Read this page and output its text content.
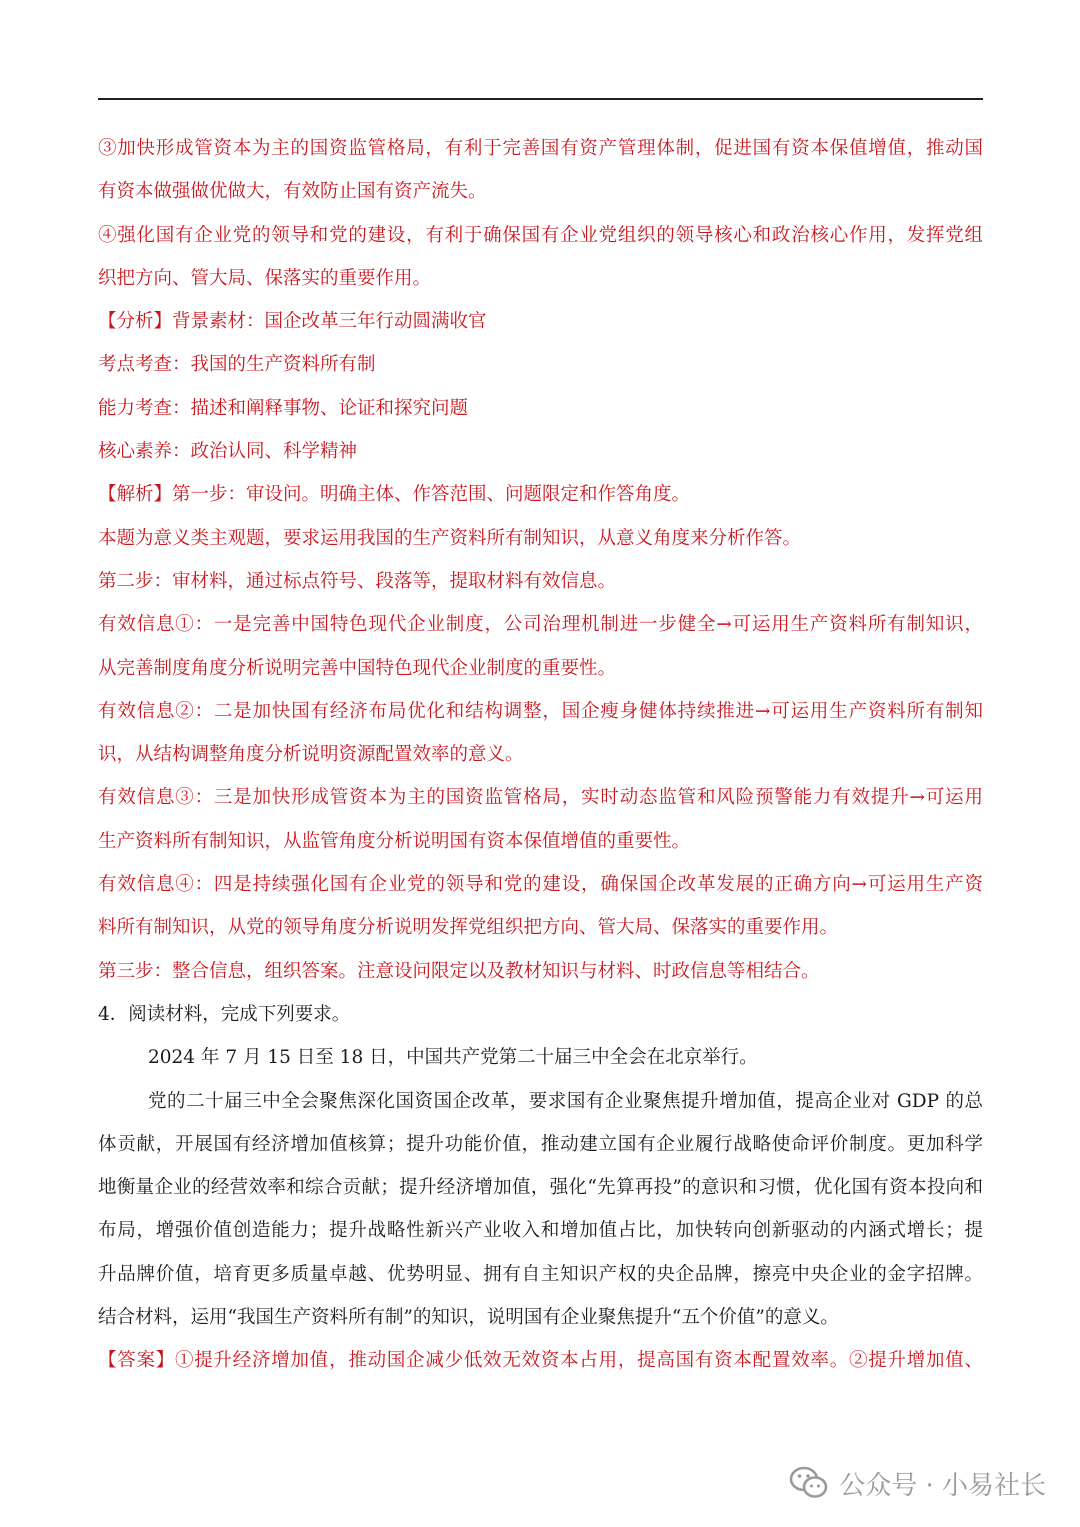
③加快形成管资本为主的国资监管格局，有利于完善国有资产管理体制，促进国有资本保值增值，推动国
有资本做强做优做大，有效防止国有资产流失。
④强化国有企业党的领导和党的建设，有利于确保国有企业党组织的领导核心和政治核心作用，发挥党组
织把方向、管大局、保落实的重要作用。
【分析】背景素材：国企改革三年行动圆满收官
考点考查：我国的生产资料所有制
能力考查：描述和阐释事物、论证和探究问题
核心素养：政治认同、科学精神
【解析】第一步：审设问。明确主体、作答范围、问题限定和作答角度。
本题为意义类主观题，要求运用我国的生产资料所有制知识，从意义角度来分析作答。
第二步：审材料，通过标点符号、段落等，提取材料有效信息。
有效信息①：一是完善中国特色现代企业制度，公司治理机制进一步健全→可运用生产资料所有制知识，
从完善制度角度分析说明完善中国特色现代企业制度的重要性。
有效信息②：二是加快国有经济布局优化和结构调整，国企瘦身健体持续推进→可运用生产资料所有制知
识，从结构调整角度分析说明资源配置效率的意义。
有效信息③：三是加快形成管资本为主的国资监管格局，实时动态监管和风险预警能力有效提升→可运用
生产资料所有制知识，从监管角度分析说明国有资本保值增值的重要性。
有效信息④：四是持续强化国有企业党的领导和党的建设，确保国企改革发展的正确方向→可运用生产资
料所有制知识，从党的领导角度分析说明发挥党组织把方向、管大局、保落实的重要作用。
第三步：整合信息，组织答案。注意设问限定以及教材知识与材料、时政信息等相结合。
4．阅读材料，完成下列要求。
2024 年 7 月 15 日至 18 日，中国共产党第二十届三中全会在北京举行。
党的二十届三中全会聚焦深化国资国企改革，要求国有企业聚焦提升增加值，提高企业对 GDP 的总
体贡献，开展国有经济增加值核算；提升功能价值，推动建立国有企业履行战略使命评价制度。更加科学
地衡量企业的经营效率和综合贡献；提升经济增加值，强化“先算再投”的意识和习惯，优化国有资本投向和
布局，增强价值创造能力；提升战略性新兴产业收入和增加值占比，加快转向创新驱动的内涵式增长；提
升品牌价值，培育更多质量卓越、优势明显、拥有自主知识产权的央企品牌，擦亮中央企业的金字招牌。
结合材料，运用“我国生产资料所有制”的知识，说明国有企业聚焦提升“五个价值”的意义。
【答案】①提升经济增加值，推动国企减少低效无效资本占用，提高国有资本配置效率。②提升增加值、
公众号 · 小易社长
